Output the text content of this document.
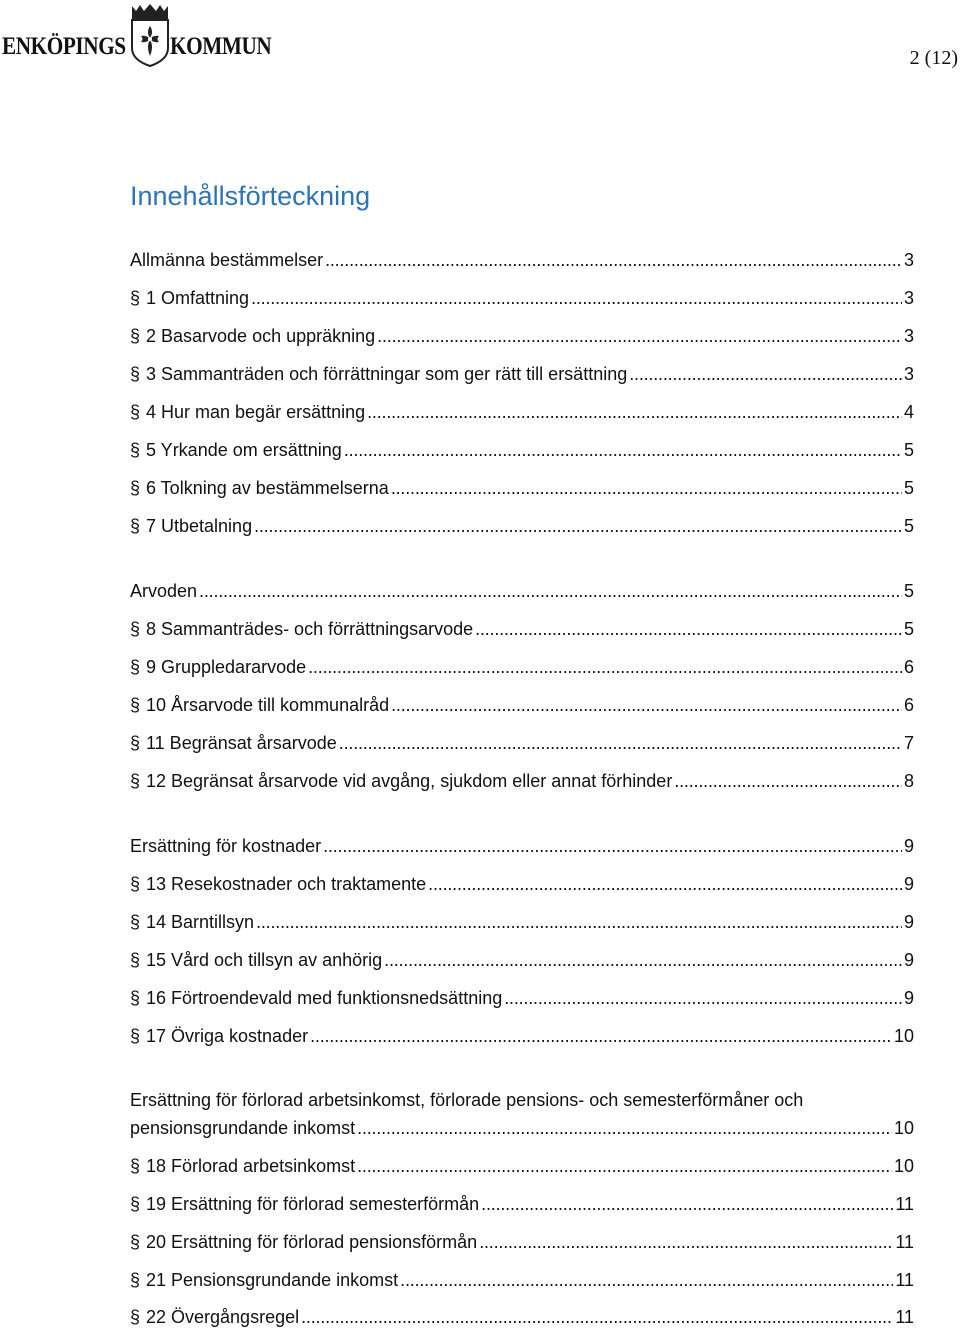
ENKÖPINGS KOMMUN	2 (12)
Innehållsförteckning
Allmänna bestämmelser . . .	3
§ 1 Omfattning . . .	3
§ 2 Basarvode och uppräkning . . .	3
§ 3 Sammanträden och förrättningar som ger rätt till ersättning . . .	3
§ 4 Hur man begär ersättning . . .	4
§ 5 Yrkande om ersättning . . .	5
§ 6 Tolkning av bestämmelserna . . .	5
§ 7 Utbetalning . . .	5
Arvoden . . .	5
§ 8 Sammanträdes- och förrättningsarvode . . .	5
§ 9 Gruppledararvode . . .	6
§ 10 Årsarvode till kommunalråd . . .	6
§ 11 Begränsat årsarvode . . .	7
§ 12 Begränsat årsarvode vid avgång, sjukdom eller annat förhinder . . .	8
Ersättning för kostnader . . .	9
§ 13 Resekostnader och traktamente . . .	9
§ 14 Barntillsyn . . .	9
§ 15 Vård och tillsyn av anhörig . . .	9
§ 16 Förtroendevald med funktionsnedsättning . . .	9
§ 17 Övriga kostnader . . .	10
Ersättning för förlorad arbetsinkomst, förlorade pensions- och semesterförmåner och
pensionsgrundande inkomst . . .	10
§ 18 Förlorad arbetsinkomst . . .	10
§ 19 Ersättning för förlorad semesterförmån . . .	11
§ 20 Ersättning för förlorad pensionsförmån . . .	11
§ 21 Pensionsgrundande inkomst . . .	11
§ 22 Övergångsregel . . .	11
